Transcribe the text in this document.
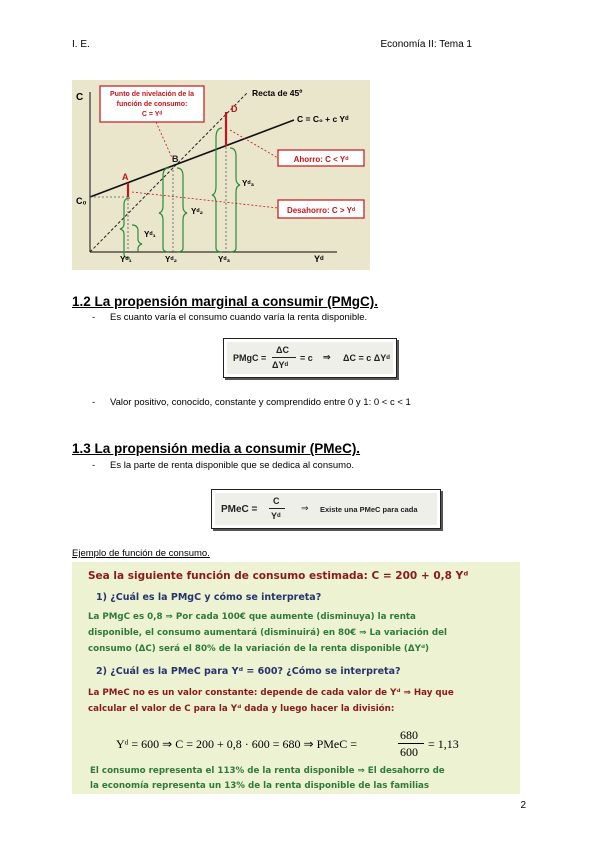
I. E.	Economía II: Tema 1
C
Yᵈ
C₀
Recta de 45º
C = C₀ + c Yᵈ
A
B
D
Yᵈ₁
Yᵈ₂
Yᵈ₃
Yᵈ₁	Yᵈ₂	Yᵈ₃
Punto de nivelación de la
función de consumo:
C = Yᵈ
Ahorro: C < Yᵈ
Desahorro: C > Yᵈ
1.2 La propensión marginal a consumir (PMgC).
- Es cuanto varía el consumo cuando varía la renta disponible.
PMgC =
ΔC
ΔYᵈ
= c ⇒ ΔC = c ΔYᵈ
- Valor positivo, conocido, constante y comprendido entre 0 y 1: 0 < c < 1
1.3 La propensión media a consumir (PMeC).
- Es la parte de renta disponible que se dedica al consumo.
PMeC =
C
Yᵈ
⇒ Existe una PMeC para cada
Ejemplo de función de consumo.
Sea la siguiente función de consumo estimada: C = 200 + 0,8 Yᵈ
1) ¿Cuál es la PMgC y cómo se interpreta?
La PMgC es 0,8 ⇒ Por cada 100€ que aumente (disminuya) la renta
disponible, el consumo aumentará (disminuirá) en 80€ ⇒ La variación del
consumo (ΔC) será el 80% de la variación de la renta disponible (ΔYᵈ)
2) ¿Cuál es la PMeC para Yᵈ = 600? ¿Cómo se interpreta?
La PMeC no es un valor constante: depende de cada valor de Yᵈ ⇒ Hay que
calcular el valor de C para la Yᵈ dada y luego hacer la división:
Yᵈ = 600 ⇒ C = 200 + 0,8 · 600 = 680 ⇒ PMeC =
680
600
= 1,13
El consumo representa el 113% de la renta disponible ⇒ El desahorro de
la economía representa un 13% de la renta disponible de las familias
2
